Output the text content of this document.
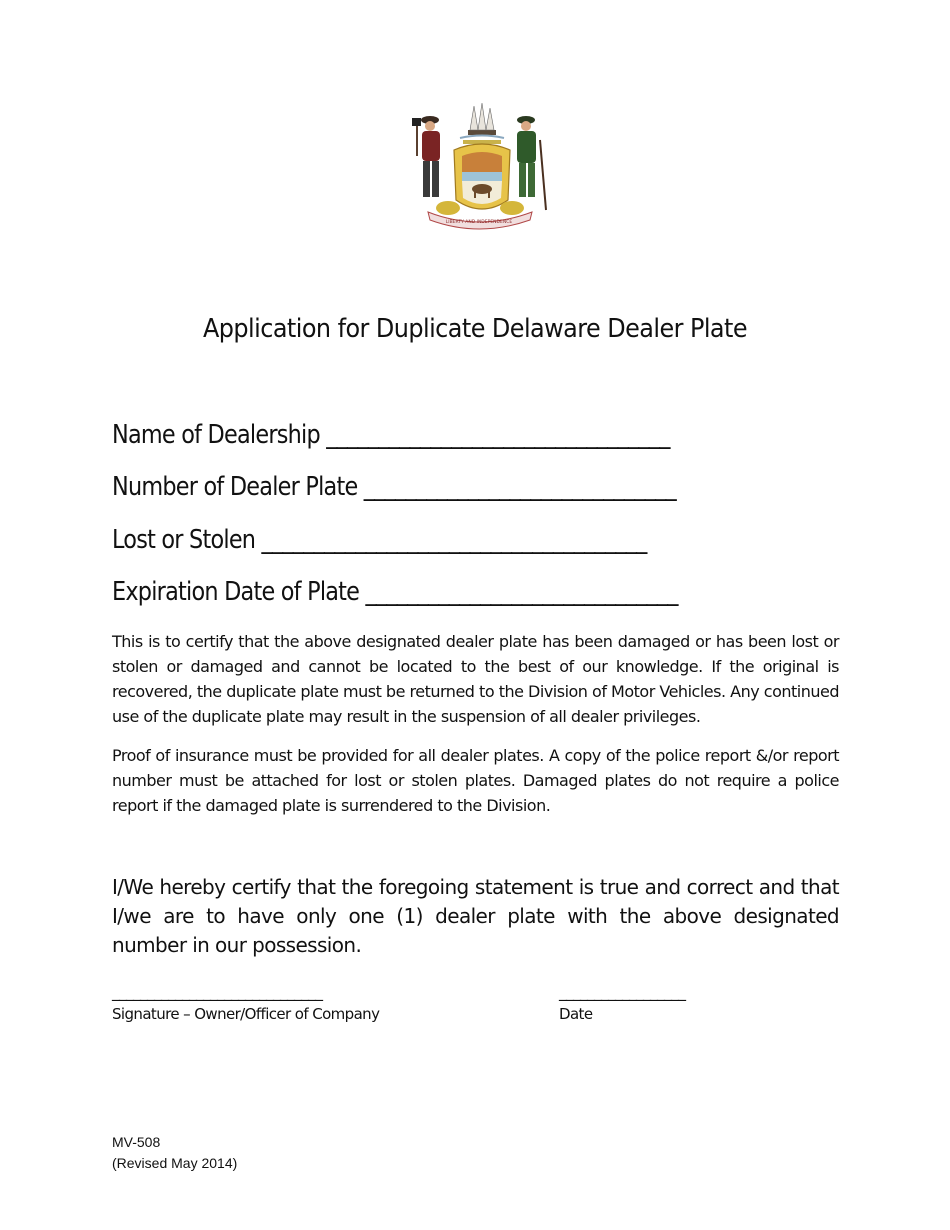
LIBERTY AND INDEPENDENCE
Application for Duplicate Delaware Dealer Plate
Name of Dealership _________________________________
Number of Dealer Plate ______________________________
Lost or Stolen _____________________________________
Expiration Date of Plate ______________________________
This is to certify that the above designated dealer plate has been damaged or has been lost or stolen or damaged and cannot be located to the best of our knowledge. If the original is recovered, the duplicate plate must be returned to the Division of Motor Vehicles. Any continued use of the duplicate plate may result in the suspension of all dealer privileges.
Proof of insurance must be provided for all dealer plates. A copy of the police report &/or report number must be attached for lost or stolen plates. Damaged plates do not require a police report if the damaged plate is surrendered to the Division.
I/We hereby certify that the foregoing statement is true and correct and that I/we are to have only one (1) dealer plate with the above designated number in our possession.
______________________________
Signature – Owner/Officer of Company
__________________
Date
MV-508
(Revised May 2014)
